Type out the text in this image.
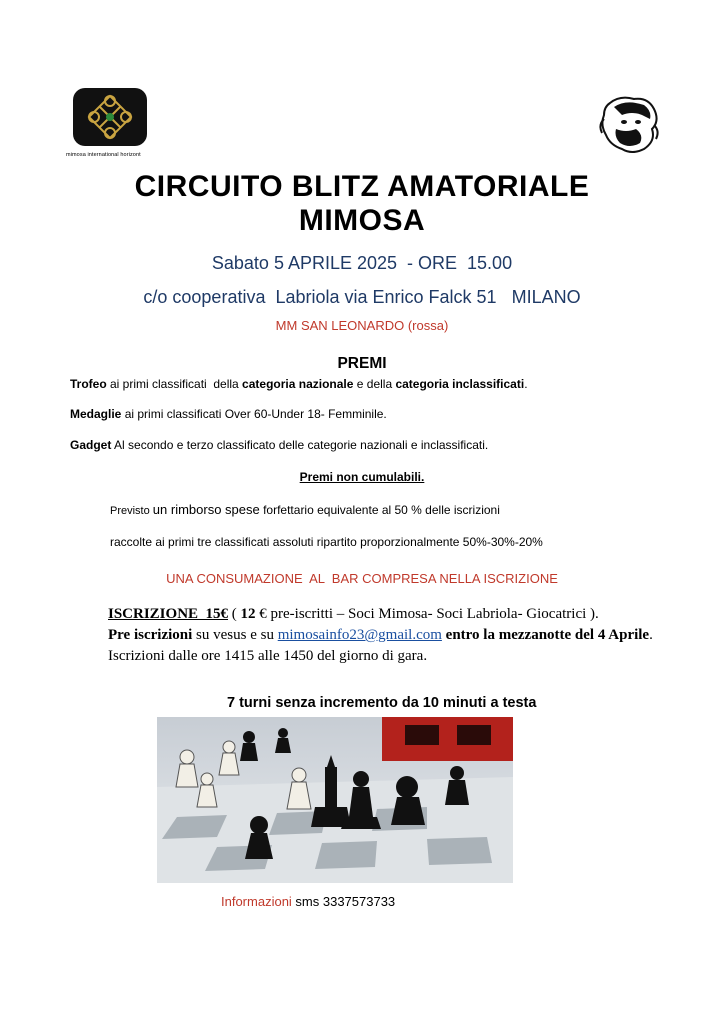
mimosa international horizont
CIRCUITO BLITZ AMATORIALE
MIMOSA
Sabato 5 APRILE 2025  - ORE  15.00
c/o cooperativa  Labriola via Enrico Falck 51   MILANO
MM SAN LEONARDO (rossa)
PREMI
Trofeo ai primi classificati  della categoria nazionale e della categoria inclassificati.
Medaglie ai primi classificati Over 60-Under 18- Femminile.
Gadget Al secondo e terzo classificato delle categorie nazionali e inclassificati.
Premi non cumulabili.
Previsto un rimborso spese forfettario equivalente al 50 % delle iscrizioni
raccolte ai primi tre classificati assoluti ripartito proporzionalmente 50%-30%-20%
UNA CONSUMAZIONE  AL  BAR COMPRESA NELLA ISCRIZIONE
ISCRIZIONE  15€ ( 12 € pre-iscritti – Soci Mimosa- Soci Labriola- Giocatrici ).
Pre iscrizioni su vesus e su mimosainfo23@gmail.com entro la mezzanotte del 4 Aprile. Iscrizioni dalle ore 1415 alle 1450 del giorno di gara.
7 turni senza incremento da 10 minuti a testa
Informazioni sms 3337573733
